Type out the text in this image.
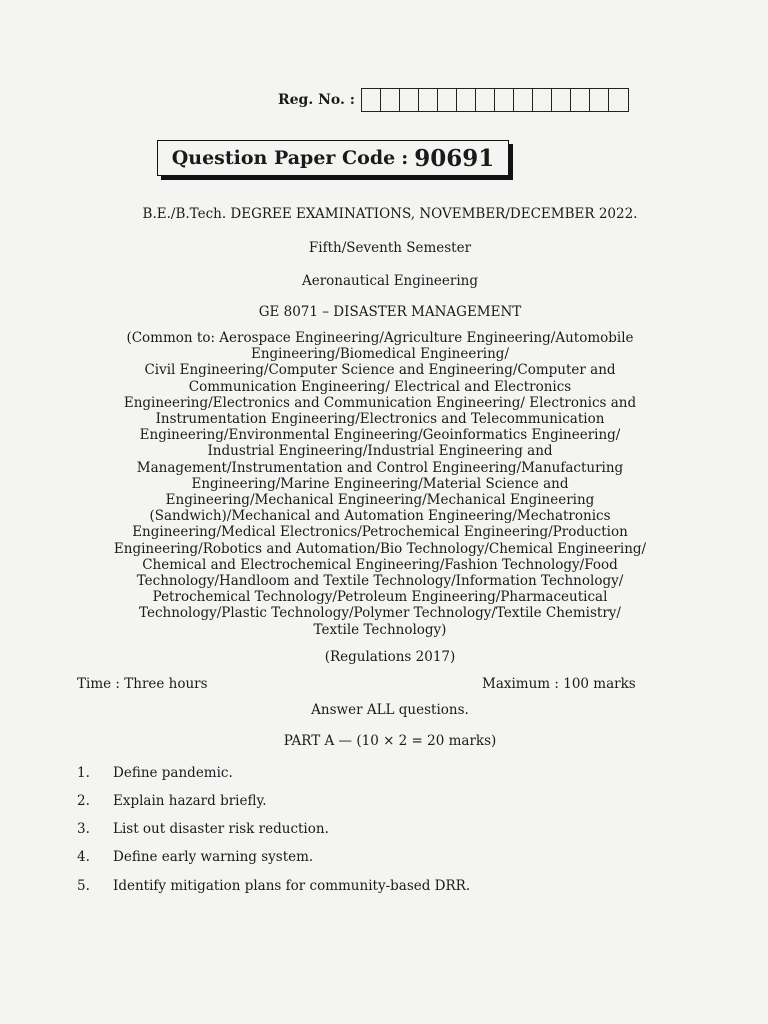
Reg. No. :
Question Paper Code : 90691
B.E./B.Tech. DEGREE EXAMINATIONS, NOVEMBER/DECEMBER 2022.
Fifth/Seventh Semester
Aeronautical Engineering
GE 8071 – DISASTER MANAGEMENT
(Common to: Aerospace Engineering/Agriculture Engineering/Automobile
Engineering/Biomedical Engineering/
Civil Engineering/Computer Science and Engineering/Computer and
Communication Engineering/ Electrical and Electronics
Engineering/Electronics and Communication Engineering/ Electronics and
Instrumentation Engineering/Electronics and Telecommunication
Engineering/Environmental Engineering/Geoinformatics Engineering/
Industrial Engineering/Industrial Engineering and
Management/Instrumentation and Control Engineering/Manufacturing
Engineering/Marine Engineering/Material Science and
Engineering/Mechanical Engineering/Mechanical Engineering
(Sandwich)/Mechanical and Automation Engineering/Mechatronics
Engineering/Medical Electronics/Petrochemical Engineering/Production
Engineering/Robotics and Automation/Bio Technology/Chemical Engineering/
Chemical and Electrochemical Engineering/Fashion Technology/Food
Technology/Handloom and Textile Technology/Information Technology/
Petrochemical Technology/Petroleum Engineering/Pharmaceutical
Technology/Plastic Technology/Polymer Technology/Textile Chemistry/
Textile Technology)
(Regulations 2017)
Time : Three hours	Maximum : 100 marks
Answer ALL questions.
PART A — (10 × 2 = 20 marks)
1.	Define pandemic.
2.	Explain hazard briefly.
3.	List out disaster risk reduction.
4.	Define early warning system.
5.	Identify mitigation plans for community-based DRR.
